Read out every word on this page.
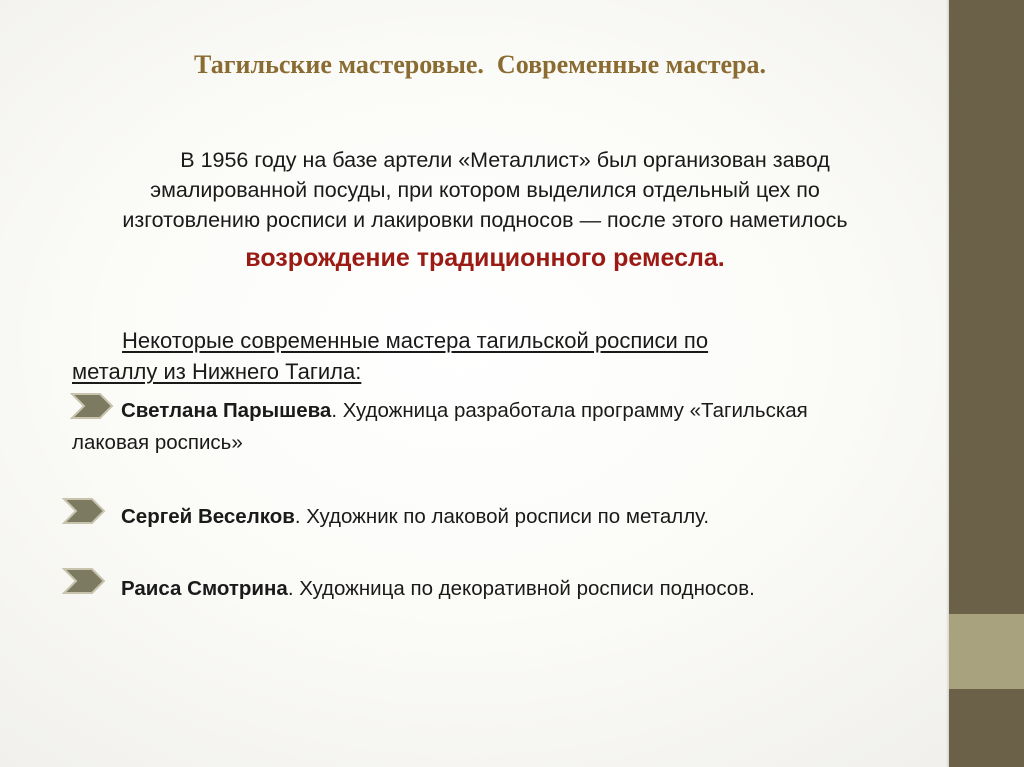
Тагильские мастеровые.  Современные мастера.
В 1956 году на базе артели «Металлист» был организован завод
эмалированной посуды, при котором выделился отдельный цех по
изготовлению росписи и лакировки подносов — после этого наметилось
возрождение традиционного ремесла.
Некоторые современные мастера тагильской росписи по
металлу из Нижнего Тагила:
Светлана Парышева. Художница разработала программу «Тагильская
лаковая роспись»
Сергей Веселков. Художник по лаковой росписи по металлу.
Раиса Смотрина. Художница по декоративной росписи подносов.
